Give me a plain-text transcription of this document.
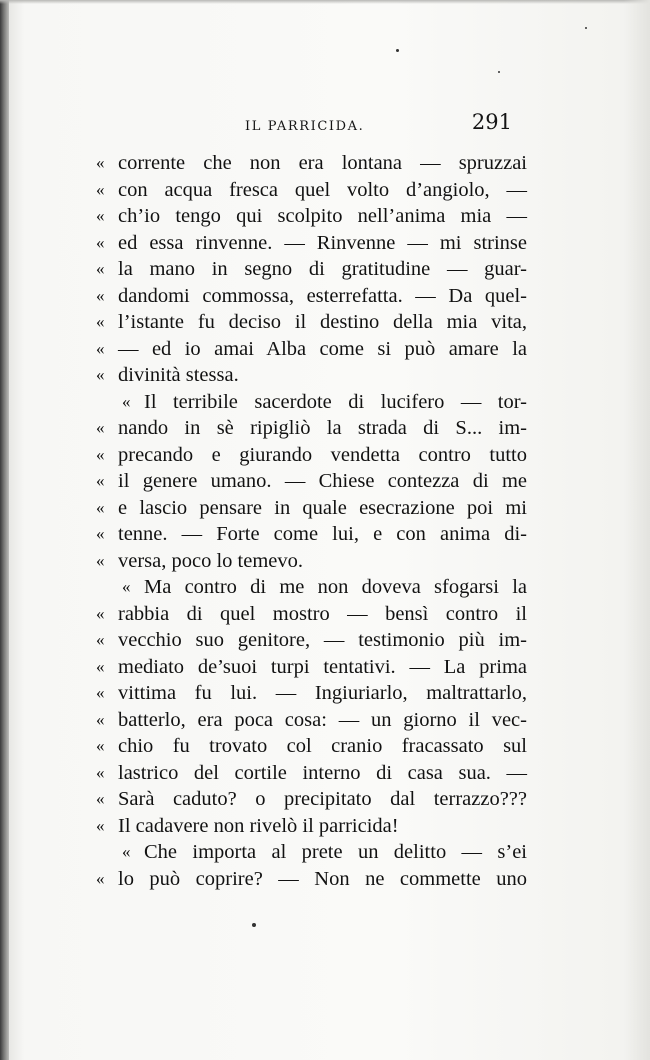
IL PARRICIDA.	291
« corrente che non era lontana — spruzzai
« con acqua fresca quel volto d’angiolo, —
« ch’io tengo qui scolpito nell’anima mia —
« ed essa rinvenne. — Rinvenne — mi strinse
« la mano in segno di gratitudine — guar-
« dandomi commossa, esterrefatta. — Da quel-
« l’istante fu deciso il destino della mia vita,
« — ed io amai Alba come si può amare la
« divinità stessa.
« Il terribile sacerdote di lucifero — tor-
« nando in sè ripigliò la strada di S... im-
« precando e giurando vendetta contro tutto
« il genere umano. — Chiese contezza di me
« e lascio pensare in quale esecrazione poi mi
« tenne. — Forte come lui, e con anima di-
« versa, poco lo temevo.
« Ma contro di me non doveva sfogarsi la
« rabbia di quel mostro — bensì contro il
« vecchio suo genitore, — testimonio più im-
« mediato de’suoi turpi tentativi. — La prima
« vittima fu lui. — Ingiuriarlo, maltrattarlo,
« batterlo, era poca cosa: — un giorno il vec-
« chio fu trovato col cranio fracassato sul
« lastrico del cortile interno di casa sua. —
« Sarà caduto? o precipitato dal terrazzo???
« Il cadavere non rivelò il parricida!
« Che importa al prete un delitto — s’ei
« lo può coprire? — Non ne commette uno
